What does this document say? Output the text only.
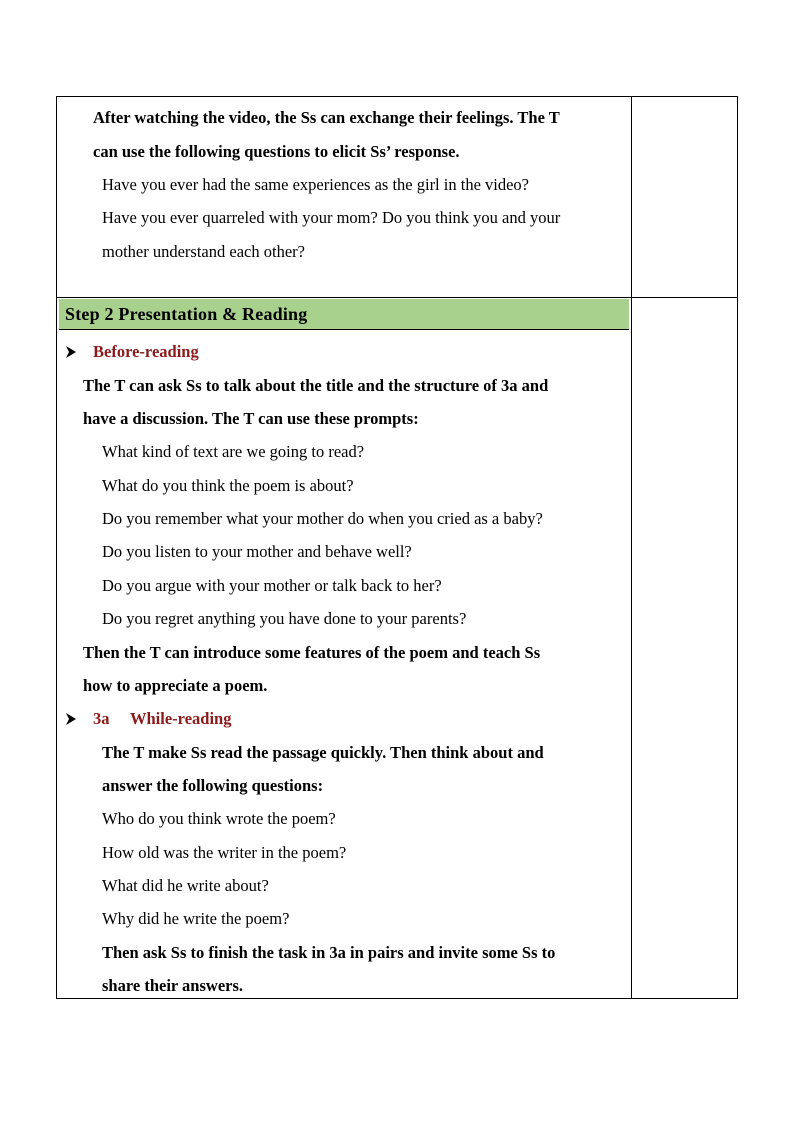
After watching the video, the Ss can exchange their feelings. The T
can use the following questions to elicit Ss’ response.
Have you ever had the same experiences as the girl in the video?
Have you ever quarreled with your mom? Do you think you and your
mother understand each other?
Step 2 Presentation & Reading
Before-reading
The T can ask Ss to talk about the title and the structure of 3a and
have a discussion. The T can use these prompts:
What kind of text are we going to read?
What do you think the poem is about?
Do you remember what your mother do when you cried as a baby?
Do you listen to your mother and behave well?
Do you argue with your mother or talk back to her?
Do you regret anything you have done to your parents?
Then the T can introduce some features of the poem and teach Ss
how to appreciate a poem.
3a While-reading
The T make Ss read the passage quickly. Then think about and
answer the following questions:
Who do you think wrote the poem?
How old was the writer in the poem?
What did he write about?
Why did he write the poem?
Then ask Ss to finish the task in 3a in pairs and invite some Ss to
share their answers.
